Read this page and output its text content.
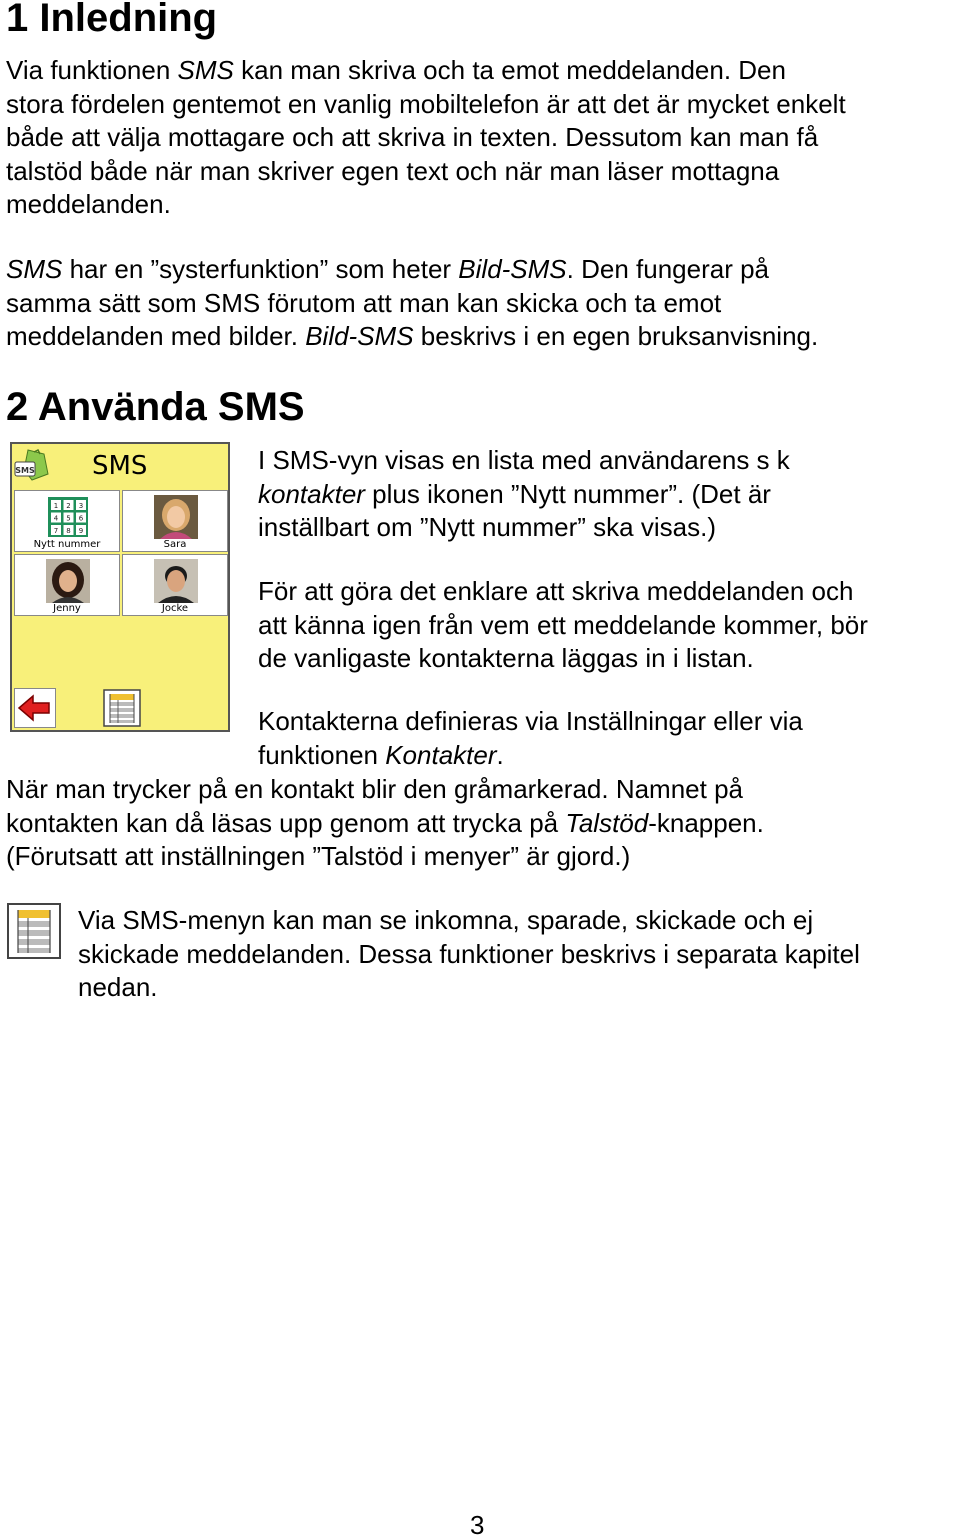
1 Inledning

Via funktionen SMS kan man skriva och ta emot meddelanden. Den
stora fördelen gentemot en vanlig mobiltelefon är att det är mycket enkelt
både att välja mottagare och att skriva in texten. Dessutom kan man få
talstöd både när man skriver egen text och när man läser mottagna
meddelanden.

SMS har en ”systerfunktion” som heter Bild-SMS. Den fungerar på
samma sätt som SMS förutom att man kan skicka och ta emot
meddelanden med bilder. Bild-SMS beskrivs i en egen bruksanvisning.

2 Använda SMS
SMS SMS
1 2 3
4 5 6
7 8 9
Nytt nummer	Sara
Jenny	Jocke

I SMS-vyn visas en lista med användarens s k
kontakter plus ikonen ”Nytt nummer”. (Det är
inställbart om ”Nytt nummer” ska visas.)

För att göra det enklare att skriva meddelanden och
att känna igen från vem ett meddelande kommer, bör
de vanligaste kontakterna läggas in i listan.

Kontakterna definieras via Inställningar eller via
funktionen Kontakter.

När man trycker på en kontakt blir den gråmarkerad. Namnet på
kontakten kan då läsas upp genom att trycka på Talstöd-knappen.
(Förutsatt att inställningen ”Talstöd i menyer” är gjord.)

Via SMS-menyn kan man se inkomna, sparade, skickade och ej
skickade meddelanden. Dessa funktioner beskrivs i separata kapitel
nedan.

3
